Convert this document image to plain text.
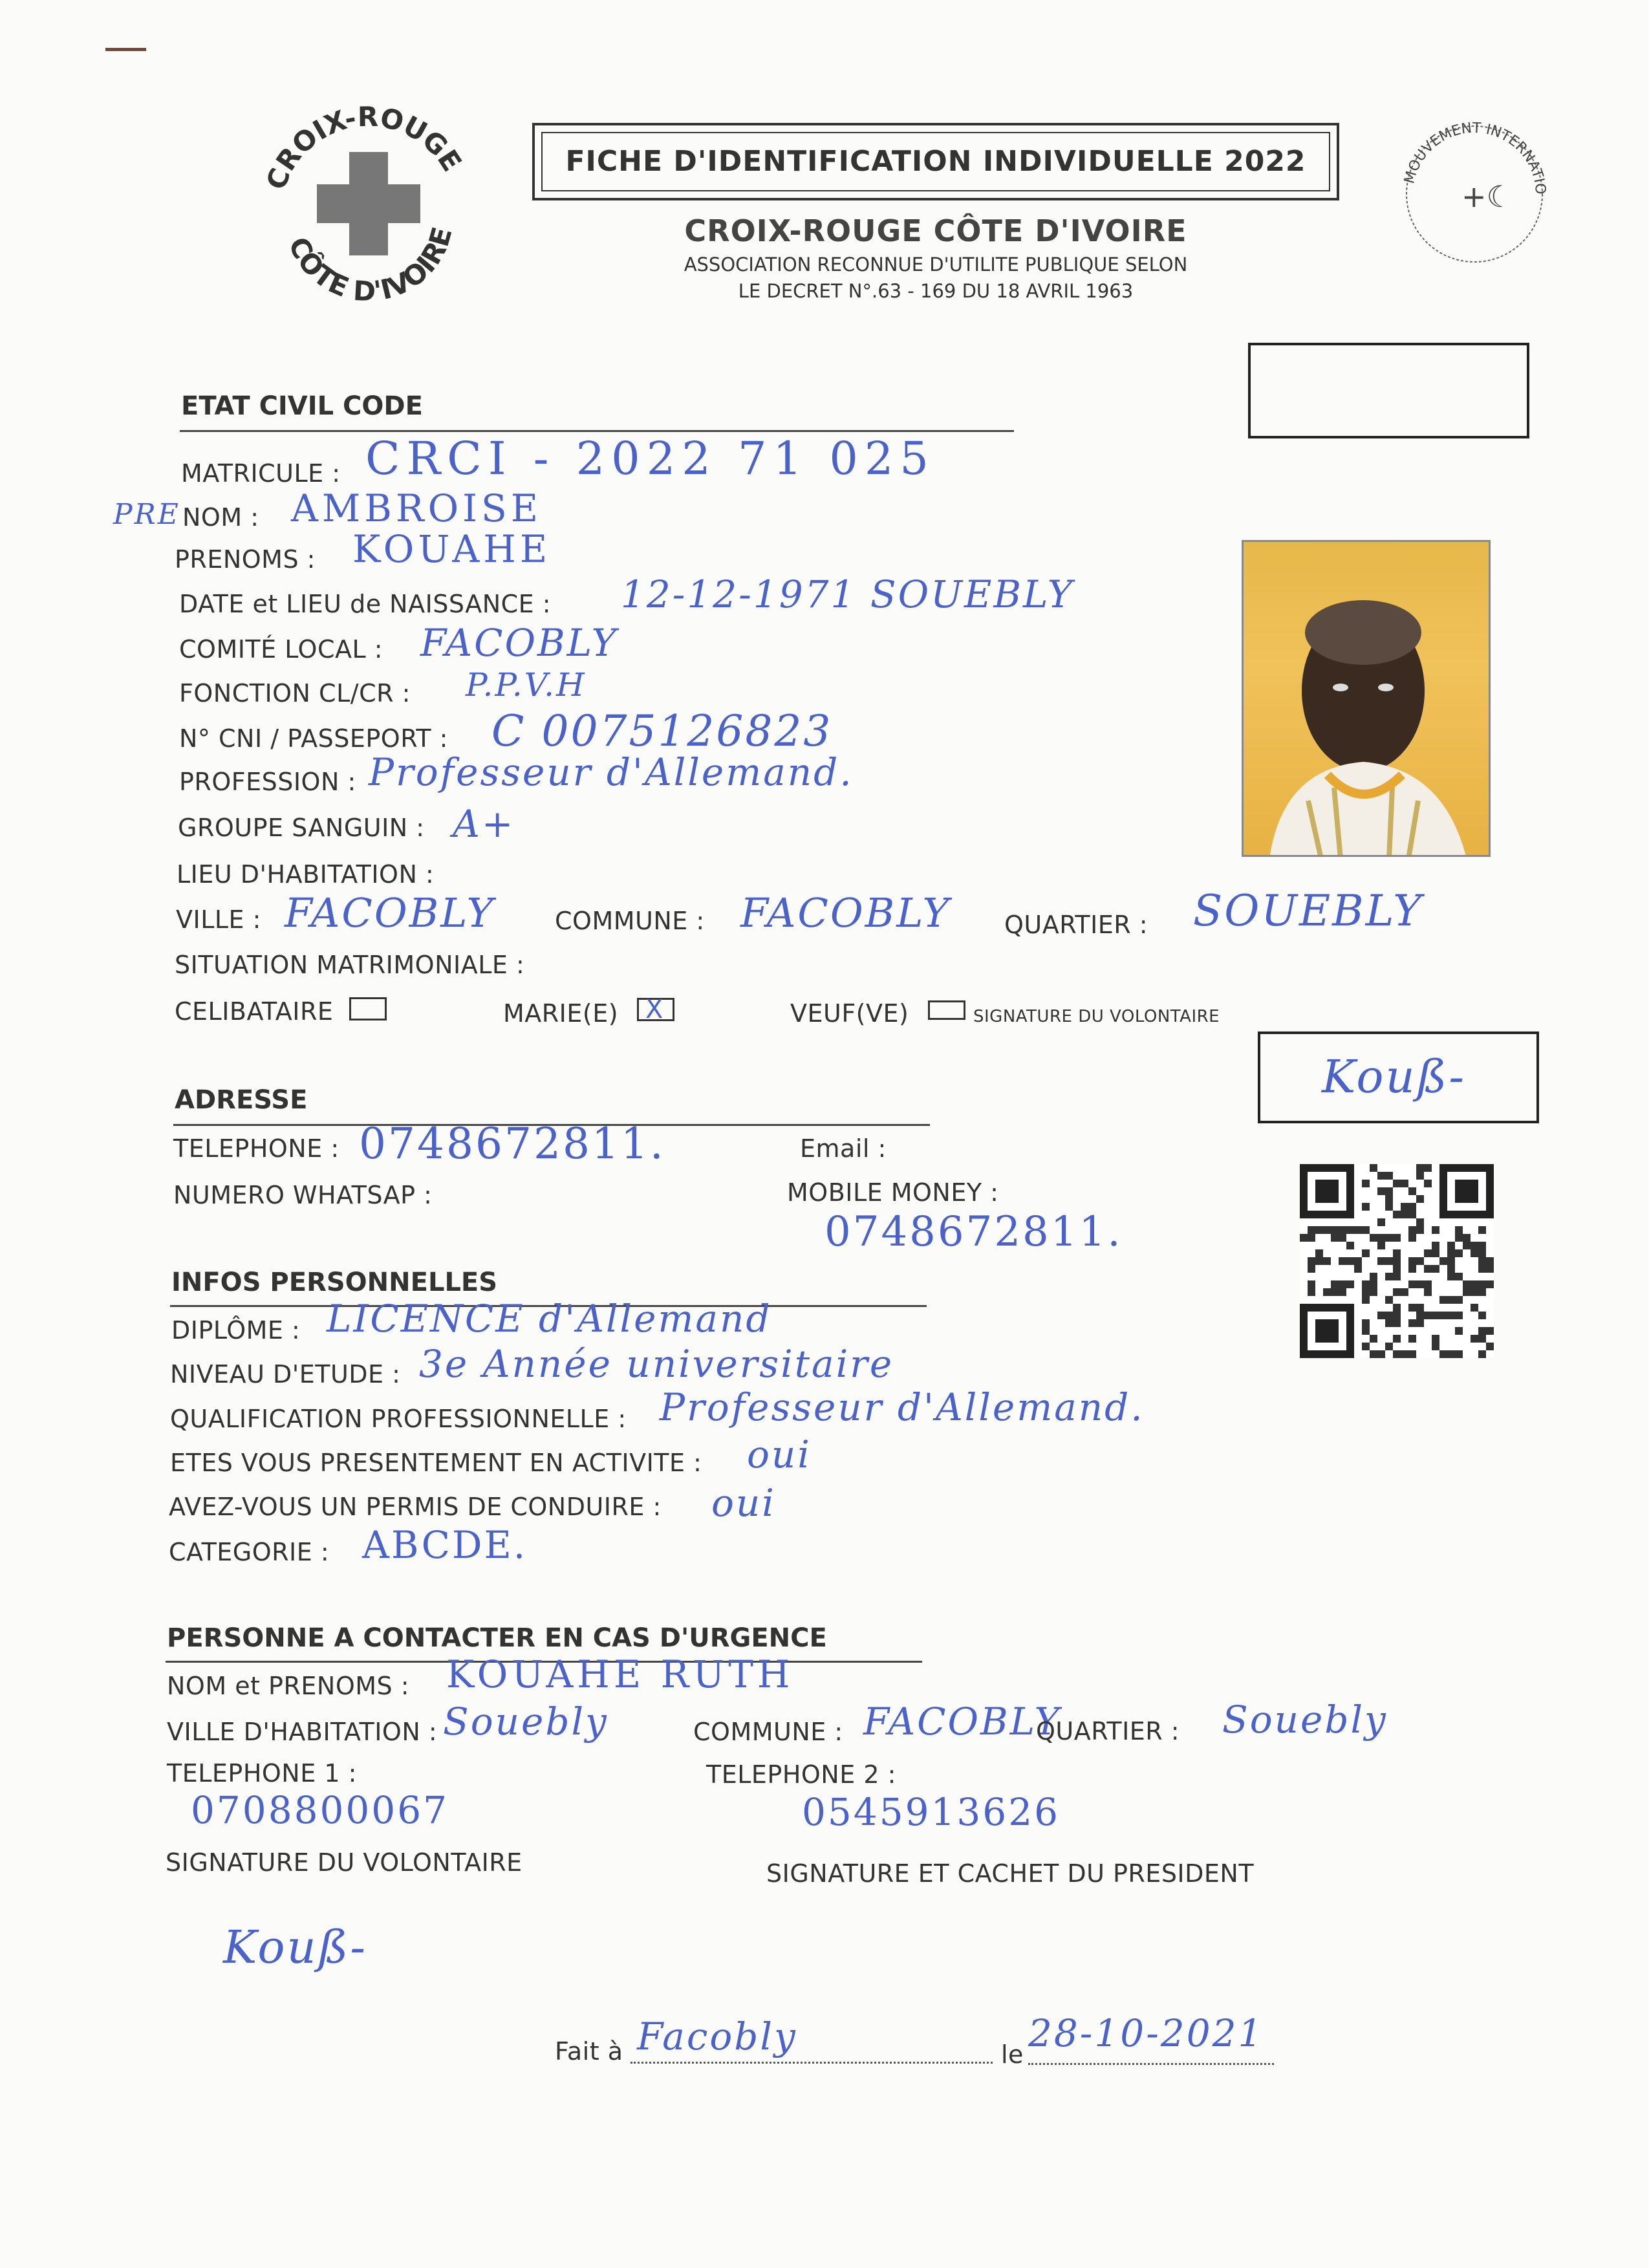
CROIX-ROUGE
CÔTE D'IVOIRE
FICHE D'IDENTIFICATION INDIVIDUELLE 2022
CROIX-ROUGE CÔTE D'IVOIRE
ASSOCIATION RECONNUE D'UTILITE PUBLIQUE SELON
LE DECRET N°.63 - 169 DU 18 AVRIL 1963
MOUVEMENT INTERNATIO
+☾
ETAT CIVIL CODE
MATRICULE : CRCI - 2022 71 025
PRE NOM : AMBROISE
PRENOMS : KOUAHE
DATE et LIEU de NAISSANCE : 12-12-1971 SOUEBLY
COMITÉ LOCAL : FACOBLY
FONCTION CL/CR : P.P.V.H
N° CNI / PASSEPORT : C 0075126823
PROFESSION : Professeur d'Allemand.
GROUPE SANGUIN : A+
LIEU D'HABITATION :
VILLE : FACOBLY COMMUNE : FACOBLY QUARTIER : SOUEBLY
SITUATION MATRIMONIALE :
CELIBATAIRE	MARIE(E)
X	VEUF(VE)	SIGNATURE DU VOLONTAIRE
Kouß-
ADRESSE
TELEPHONE : 0748672811.	Email :
NUMERO WHATSAP :	MOBILE MONEY :
0748672811.
INFOS PERSONNELLES
DIPLÔME : LICENCE d'Allemand
NIVEAU D'ETUDE : 3e Année universitaire
QUALIFICATION PROFESSIONNELLE : Professeur d'Allemand.
ETES VOUS PRESENTEMENT EN ACTIVITE : oui
AVEZ-VOUS UN PERMIS DE CONDUIRE : oui
CATEGORIE : ABCDE.
PERSONNE A CONTACTER EN CAS D'URGENCE
NOM et PRENOMS : KOUAHE RUTH
VILLE D'HABITATION : Souebly	COMMUNE : FACOBLY
QUARTIER : Souebly
TELEPHONE 1 :
0708800067
TELEPHONE 2 :
0545913626
SIGNATURE DU VOLONTAIRE	SIGNATURE ET CACHET DU PRESIDENT
Kouß-
Fait à Facobly	le 28-10-2021
